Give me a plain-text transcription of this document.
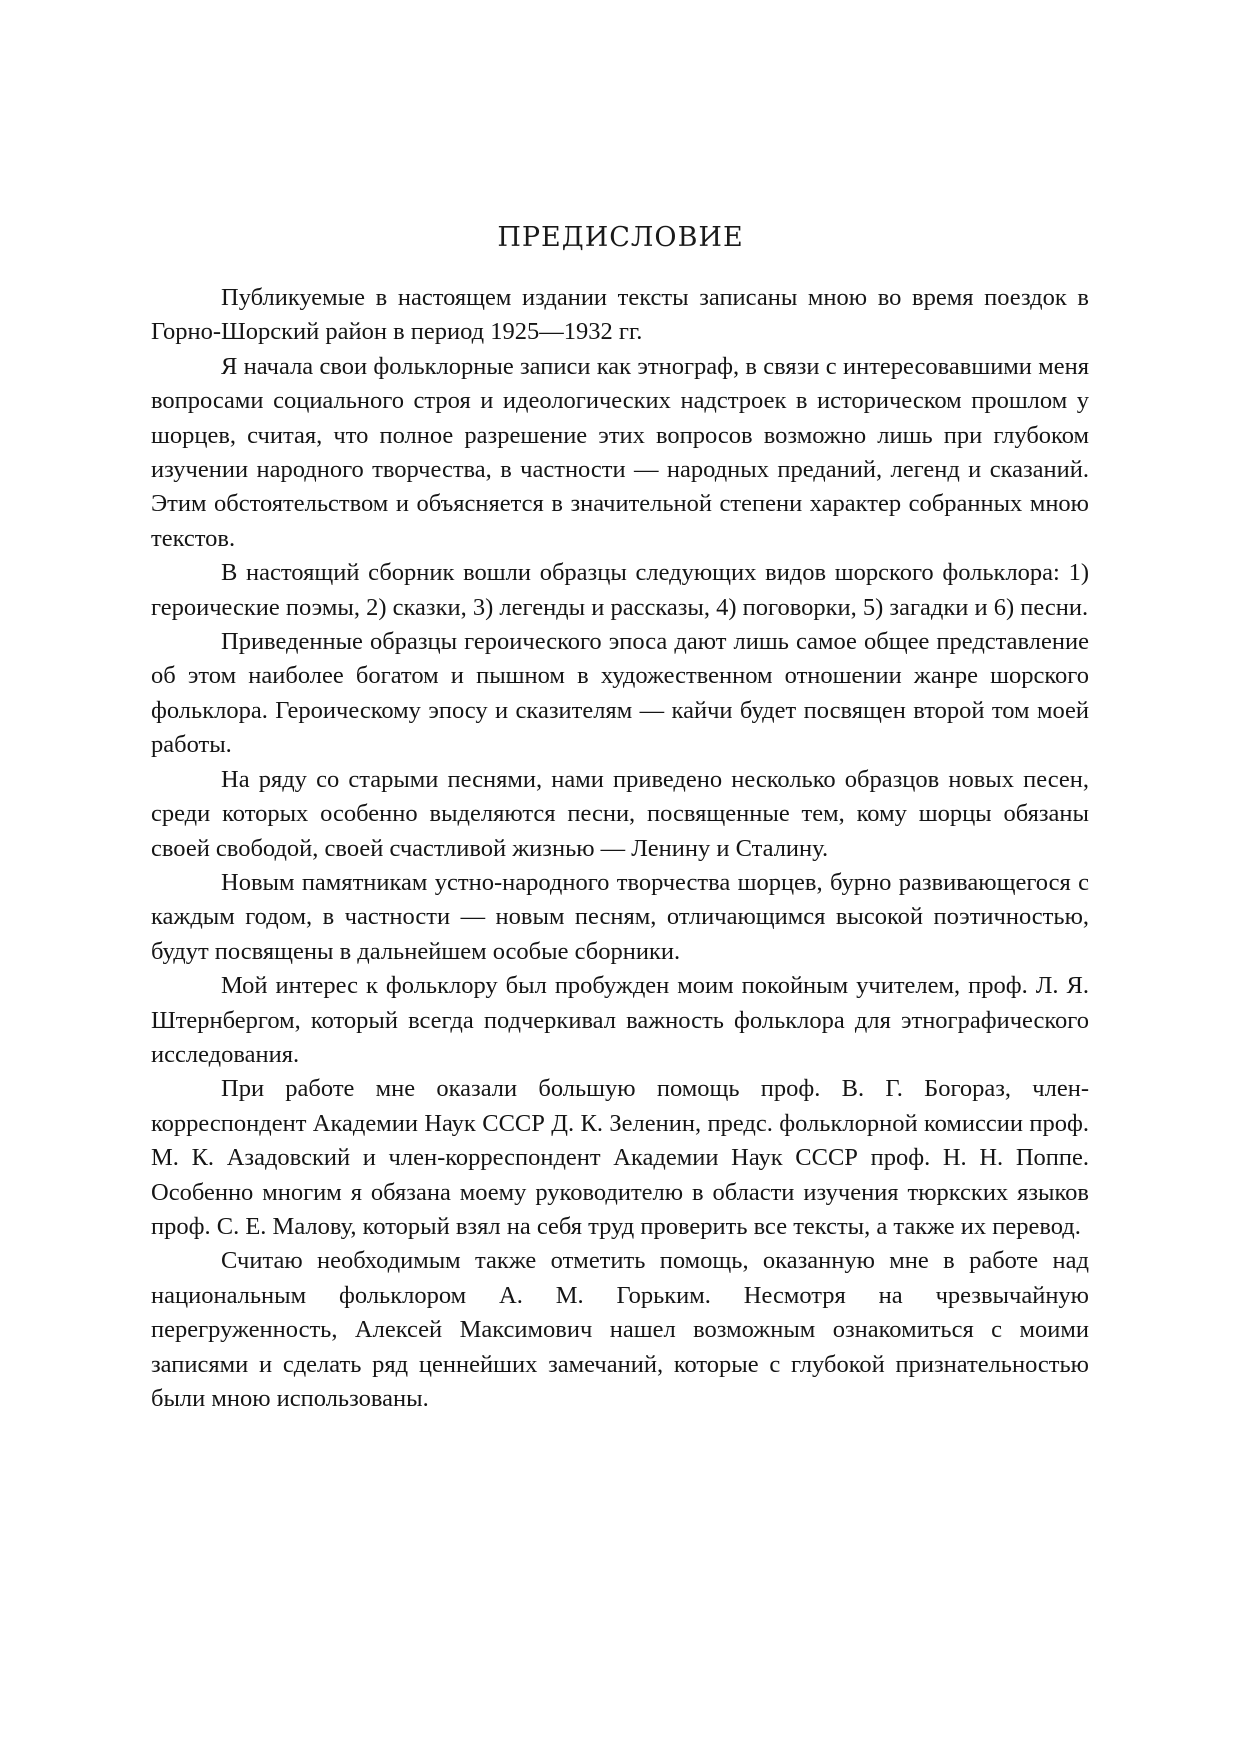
ПРЕДИСЛОВИЕ

Публикуемые в настоящем издании тексты записаны мною во время поездок в Горно-Шорский район в период 1925—1932 гг.

Я начала свои фольклорные записи как этнограф, в связи с интересовавшими меня вопросами социального строя и идеологических надстроек в историческом прошлом у шорцев, считая, что полное разрешение этих вопросов возможно лишь при глубоком изучении народного творчества, в частности — народных преданий, легенд и сказаний. Этим обстоятельством и объясняется в значительной степени характер собранных мною текстов.

В настоящий сборник вошли образцы следующих видов шорского фольклора: 1) героические поэмы, 2) сказки, 3) легенды и рассказы, 4) поговорки, 5) загадки и 6) песни.

Приведенные образцы героического эпоса дают лишь самое общее представление об этом наиболее богатом и пышном в художественном отношении жанре шорского фольклора. Героическому эпосу и сказителям — кайчи будет посвящен второй том моей работы.

На ряду со старыми песнями, нами приведено несколько образцов новых песен, среди которых особенно выделяются песни, посвященные тем, кому шорцы обязаны своей свободой, своей счастливой жизнью — Ленину и Сталину.

Новым памятникам устно-народного творчества шорцев, бурно развивающегося с каждым годом, в частности — новым песням, отличающимся высокой поэтичностью, будут посвящены в дальнейшем особые сборники.

Мой интерес к фольклору был пробужден моим покойным учителем, проф. Л. Я. Штернбергом, который всегда подчеркивал важность фольклора для этнографического исследования.

При работе мне оказали большую помощь проф. В. Г. Богораз, член-корреспондент Академии Наук СССР Д. К. Зеленин, предс. фольклорной комиссии проф. М. К. Азадовский и член-корреспондент Академии Наук СССР проф. Н. Н. Поппе. Особенно многим я обязана моему руководителю в области изучения тюркских языков проф. С. Е. Малову, который взял на себя труд проверить все тексты, а также их перевод.

Считаю необходимым также отметить помощь, оказанную мне в работе над национальным фольклором А. М. Горьким. Несмотря на чрезвычайную перегруженность, Алексей Максимович нашел возможным ознакомиться с моими записями и сделать ряд ценнейших замечаний, которые с глубокой признательностью были мною использованы.
